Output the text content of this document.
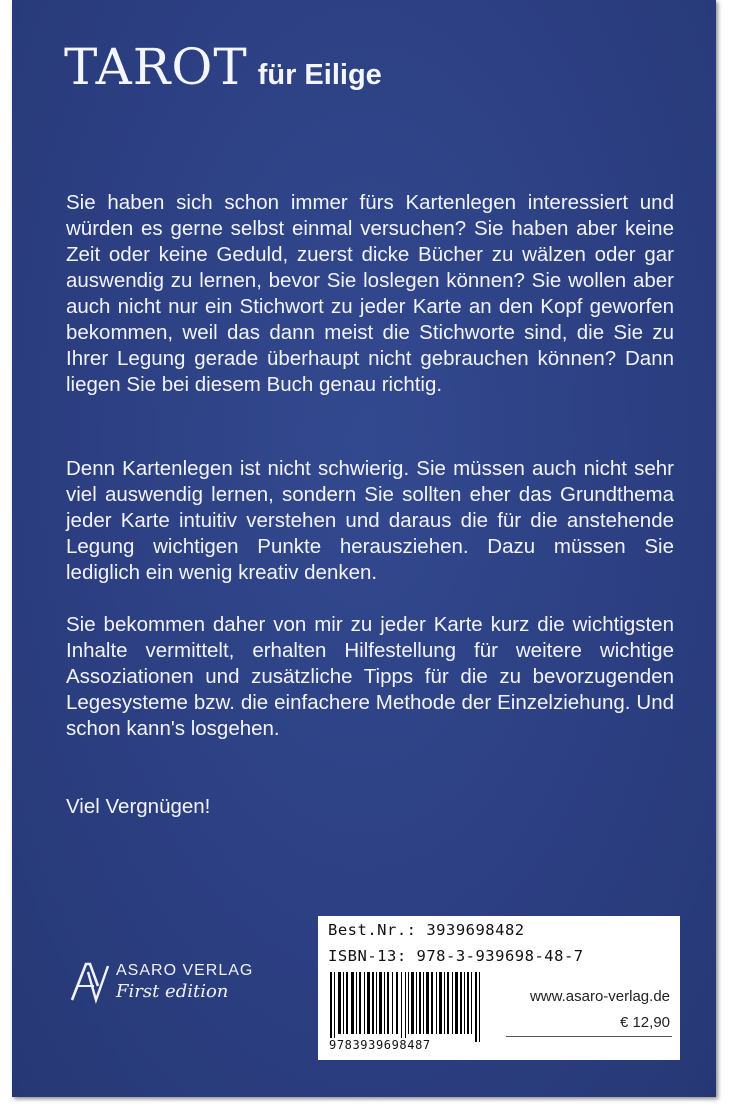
TAROT für Eilige
Sie haben sich schon immer fürs Kartenlegen interessiert und würden es gerne selbst einmal versuchen? Sie haben aber keine Zeit oder keine Geduld, zuerst dicke Bücher zu wälzen oder gar auswendig zu lernen, bevor Sie loslegen können? Sie wollen aber auch nicht nur ein Stichwort zu jeder Karte an den Kopf geworfen bekommen, weil das dann meist die Stichworte sind, die Sie zu Ihrer Legung gerade überhaupt nicht gebrauchen können? Dann liegen Sie bei diesem Buch genau richtig.
Denn Kartenlegen ist nicht schwierig. Sie müssen auch nicht sehr viel auswendig lernen, sondern Sie sollten eher das Grundthema jeder Karte intuitiv verstehen und daraus die für die anstehende Legung wichtigen Punkte herausziehen. Dazu müssen Sie lediglich ein wenig kreativ denken.
Sie bekommen daher von mir zu jeder Karte kurz die wichtigsten Inhalte vermittelt, erhalten Hilfestellung für weitere wichtige Assoziationen und zusätzliche Tipps für die zu bevorzugenden Legesysteme bzw. die einfachere Methode der Einzelziehung. Und schon kann's losgehen.
Viel Vergnügen!
ASARO VERLAG
First edition
Best.Nr.: 3939698482
ISBN-13: 978-3-939698-48-7
9783939698487
www.asaro-verlag.de
€ 12,90
